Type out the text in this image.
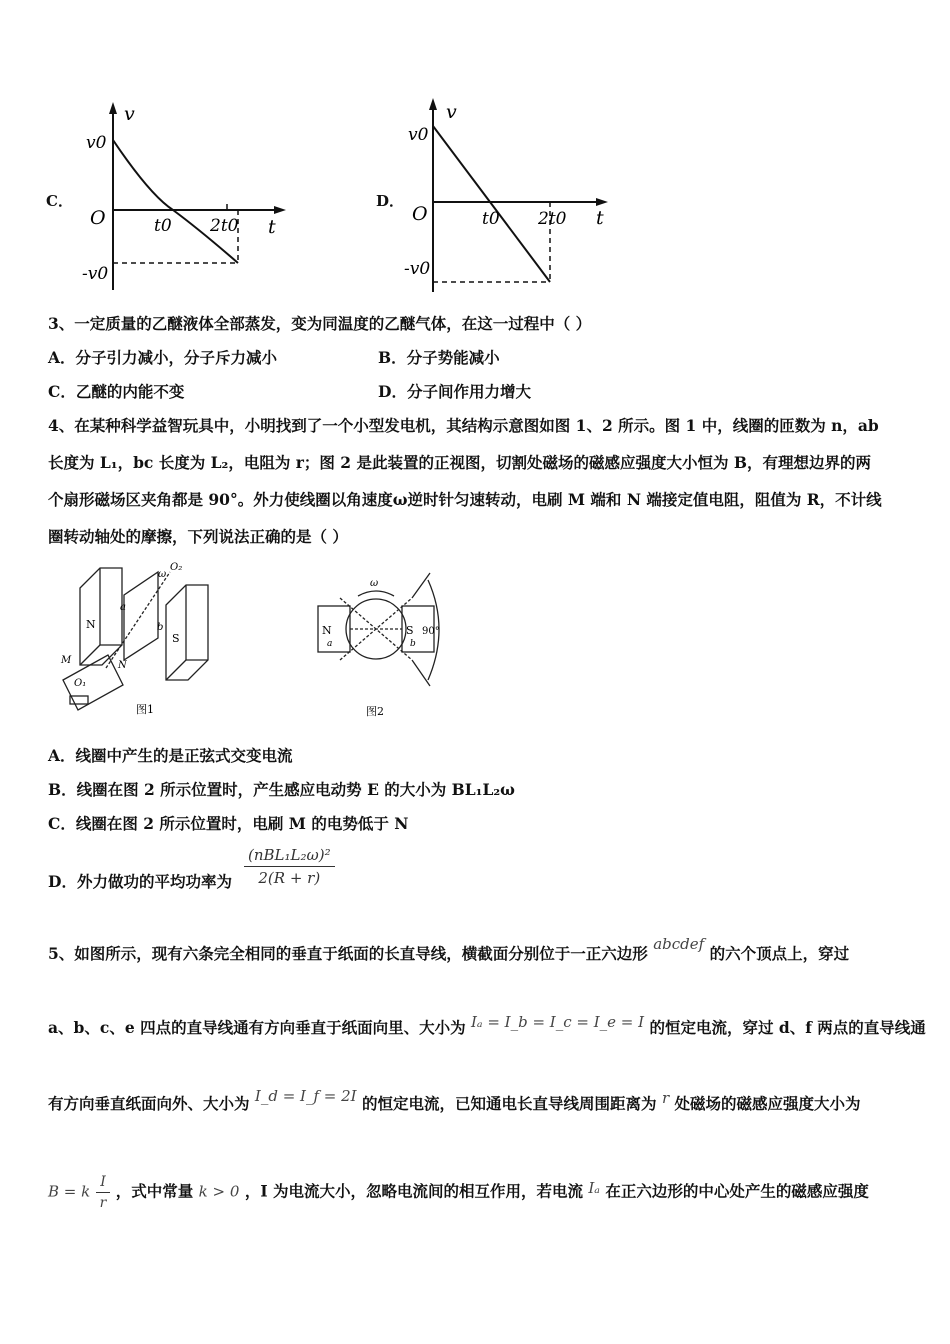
C．
v
v0
O	t0 2t0 t
-v0
D．
v
v0
O	t0 2t0 t
-v0
3、一定质量的乙醚液体全部蒸发，变为同温度的乙醚气体，在这一过程中（ ）
A．分子引力减小，分子斥力减小	B．分子势能减小
C．乙醚的内能不变	D．分子间作用力增大
4、在某种科学益智玩具中，小明找到了一个小型发电机，其结构示意图如图 1、2 所示。图 1 中，线圈的匝数为 n，ab
长度为 L₁，bc 长度为 L₂，电阻为 r；图 2 是此装置的正视图，切割处磁场的磁感应强度大小恒为 B，有理想边界的两
个扇形磁场区夹角都是 90°。外力使线圈以角速度ω逆时针匀速转动，电刷 M 端和 N 端接定值电阻，阻值为 R，不计线
圈转动轴处的摩擦，下列说法正确的是（ ）
N
S
a
b
M	N
O₁
O₂
ω
图1
N	S
ω
90°
a	b
图2
A．线圈中产生的是正弦式交变电流
B．线圈在图 2 所示位置时，产生感应电动势 E 的大小为 BL₁L₂ω
C．线圈在图 2 所示位置时，电刷 M 的电势低于 N
D．外力做功的平均功率为 $\frac{\text{(nBL₁L₂ω)²}}{2(R + r)}$
5、如图所示，现有六条完全相同的垂直于纸面的长直导线，横截面分别位于一正六边形 abcdef 的六个顶点上，穿过
a、b、c、e 四点的直导线通有方向垂直于纸面向里、大小为 Iₐ = I_b = I_c = I_e = I 的恒定电流，穿过 d、f 两点的直导线通
有方向垂直纸面向外、大小为 I_d = I_f = 2I 的恒定电流，已知通电长直导线周围距离为 r 处磁场的磁感应强度大小为
B = k $\frac{I}{r}$ ，式中常量 k > 0 ，I 为电流大小，忽略电流间的相互作用，若电流 Iₐ 在正六边形的中心处产生的磁感应强度
